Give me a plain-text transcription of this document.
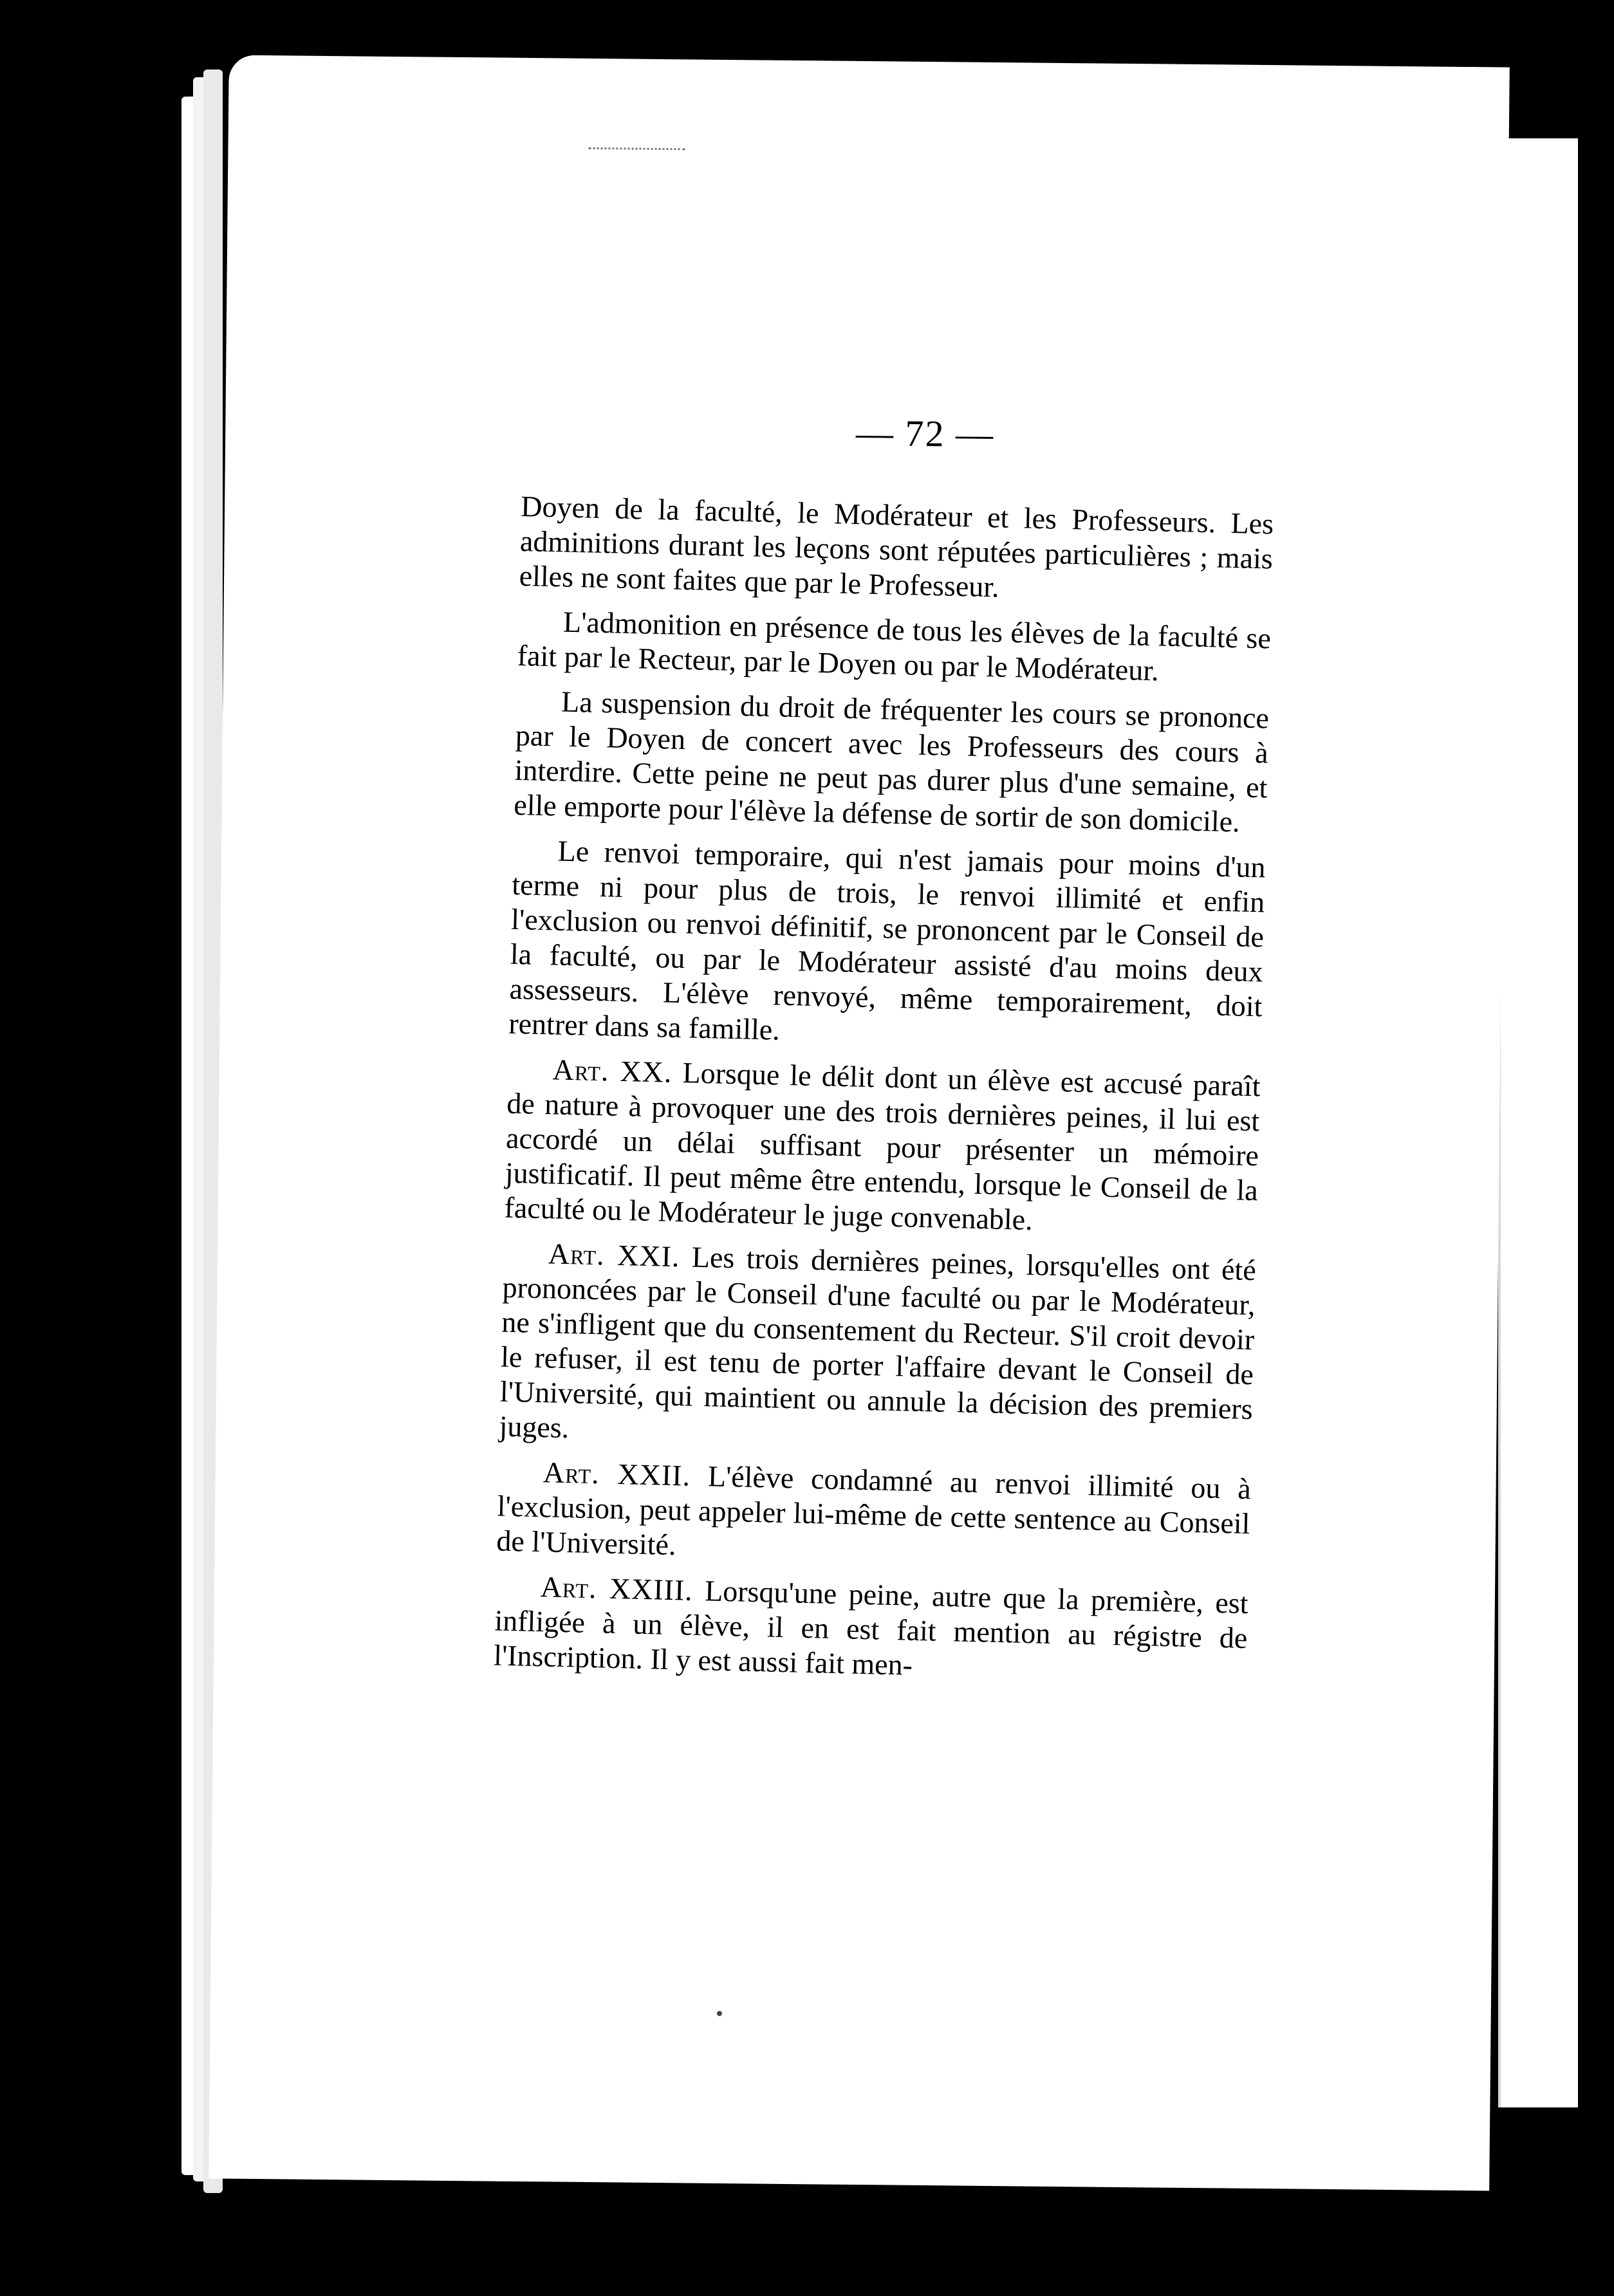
— 72 —

Doyen de la faculté, le Modérateur et les Professeurs. Les adminitions durant les leçons sont réputées particulières ; mais elles ne sont faites que par le Professeur.

L'admonition en présence de tous les élèves de la faculté se fait par le Recteur, par le Doyen ou par le Modérateur.

La suspension du droit de fréquenter les cours se prononce par le Doyen de concert avec les Professeurs des cours à interdire. Cette peine ne peut pas durer plus d'une semaine, et elle emporte pour l'élève la défense de sortir de son domicile.

Le renvoi temporaire, qui n'est jamais pour moins d'un terme ni pour plus de trois, le renvoi illimité et enfin l'exclusion ou renvoi définitif, se prononcent par le Conseil de la faculté, ou par le Modérateur assisté d'au moins deux assesseurs. L'élève renvoyé, même temporairement, doit rentrer dans sa famille.

Art. XX. Lorsque le délit dont un élève est accusé paraît de nature à provoquer une des trois dernières peines, il lui est accordé un délai suffisant pour présenter un mémoire justificatif. Il peut même être entendu, lorsque le Conseil de la faculté ou le Modérateur le juge convenable.

Art. XXI. Les trois dernières peines, lorsqu'elles ont été prononcées par le Conseil d'une faculté ou par le Modérateur, ne s'infligent que du consentement du Recteur. S'il croit devoir le refuser, il est tenu de porter l'affaire devant le Conseil de l'Université, qui maintient ou annule la décision des premiers juges.

Art. XXII. L'élève condamné au renvoi illimité ou à l'exclusion, peut appeler lui-même de cette sentence au Conseil de l'Université.

Art. XXIII. Lorsqu'une peine, autre que la première, est infligée à un élève, il en est fait mention au régistre de l'Inscription. Il y est aussi fait men-
